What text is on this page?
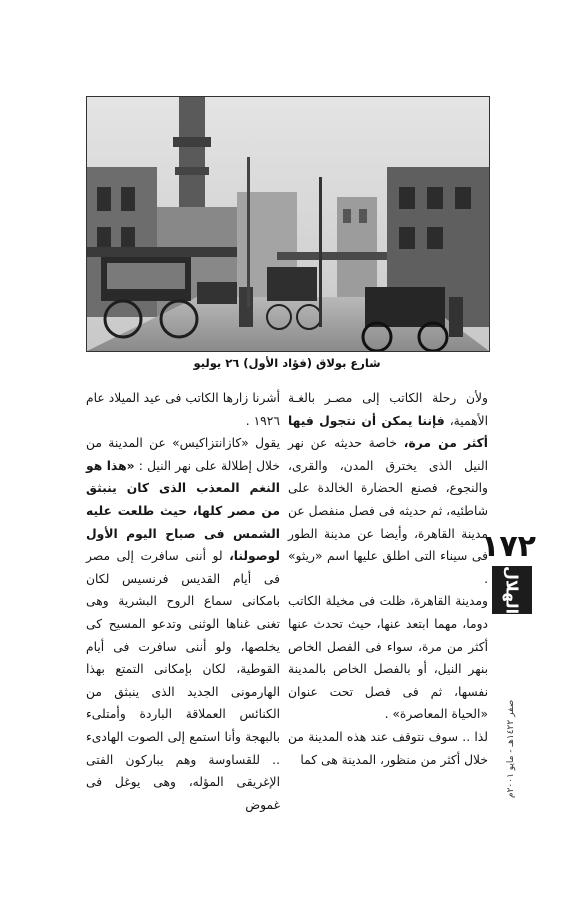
شارع بولاق (فؤاد الأول) ٢٦ يوليو

ولأن رحلة الكاتب إلى مصـر بالغـة الأهمية، فإننا يمكن أن نتجول فيها أكثر من مرة، خاصة حديثه عن نهر النيل الذى يخترق المدن، والقرى، والنجوع، فصنع الحضارة الخالدة على شاطئيه، ثم حديثه فى فصل منفصل عن مدينة القاهرة، وأيضا عن مدينة الطور فى سيناء التى اطلق عليها اسم «ريثو» .

ومدينة القاهرة، ظلت فى مخيلة الكاتب دوما، مهما ابتعد عنها، حيث تحدث عنها أكثر من مرة، سواء فى الفصل الخاص بنهر النيل، أو بالفصل الخاص بالمدينة نفسها، ثم فى فصل تحت عنوان «الحياة المعاصرة» .

لذا .. سوف نتوقف عند هذه المدينة من خلال أكثر من منظور، المدينة هى كما

أشرنا زارها الكاتب فى عيد الميلاد عام ١٩٢٦ .

يقول «كازانتزاكيس» عن المدينة من خلال إطلالة على نهر النيل : «هذا هو النغم المعذب الذى كان ينبثق من مصر كلها، حيث طلعت عليه الشمس فى صباح اليوم الأول لوصولنا، لو أننى سافرت إلى مصر فى أيام القديس فرنسيس لكان بامكانى سماع الروح البشرية وهى تغنى غناها الوثنى وتدعو المسيح كى يخلصها، ولو أننى سافرت فى أيام القوطية، لكان بإمكانى التمتع بهذا الهارمونى الجديد الذى ينبثق من الكنائس العملاقة الباردة وأمتلىء بالبهجة وأنا استمع إلى الصوت الهادىء .. للقساوسة وهم يباركون الفتى الإغريقى المؤله، وهى يوغل فى غموض

١٧٢
الهلال
صفر ١٤٢٢هـ - مايو ٢٠٠١م
